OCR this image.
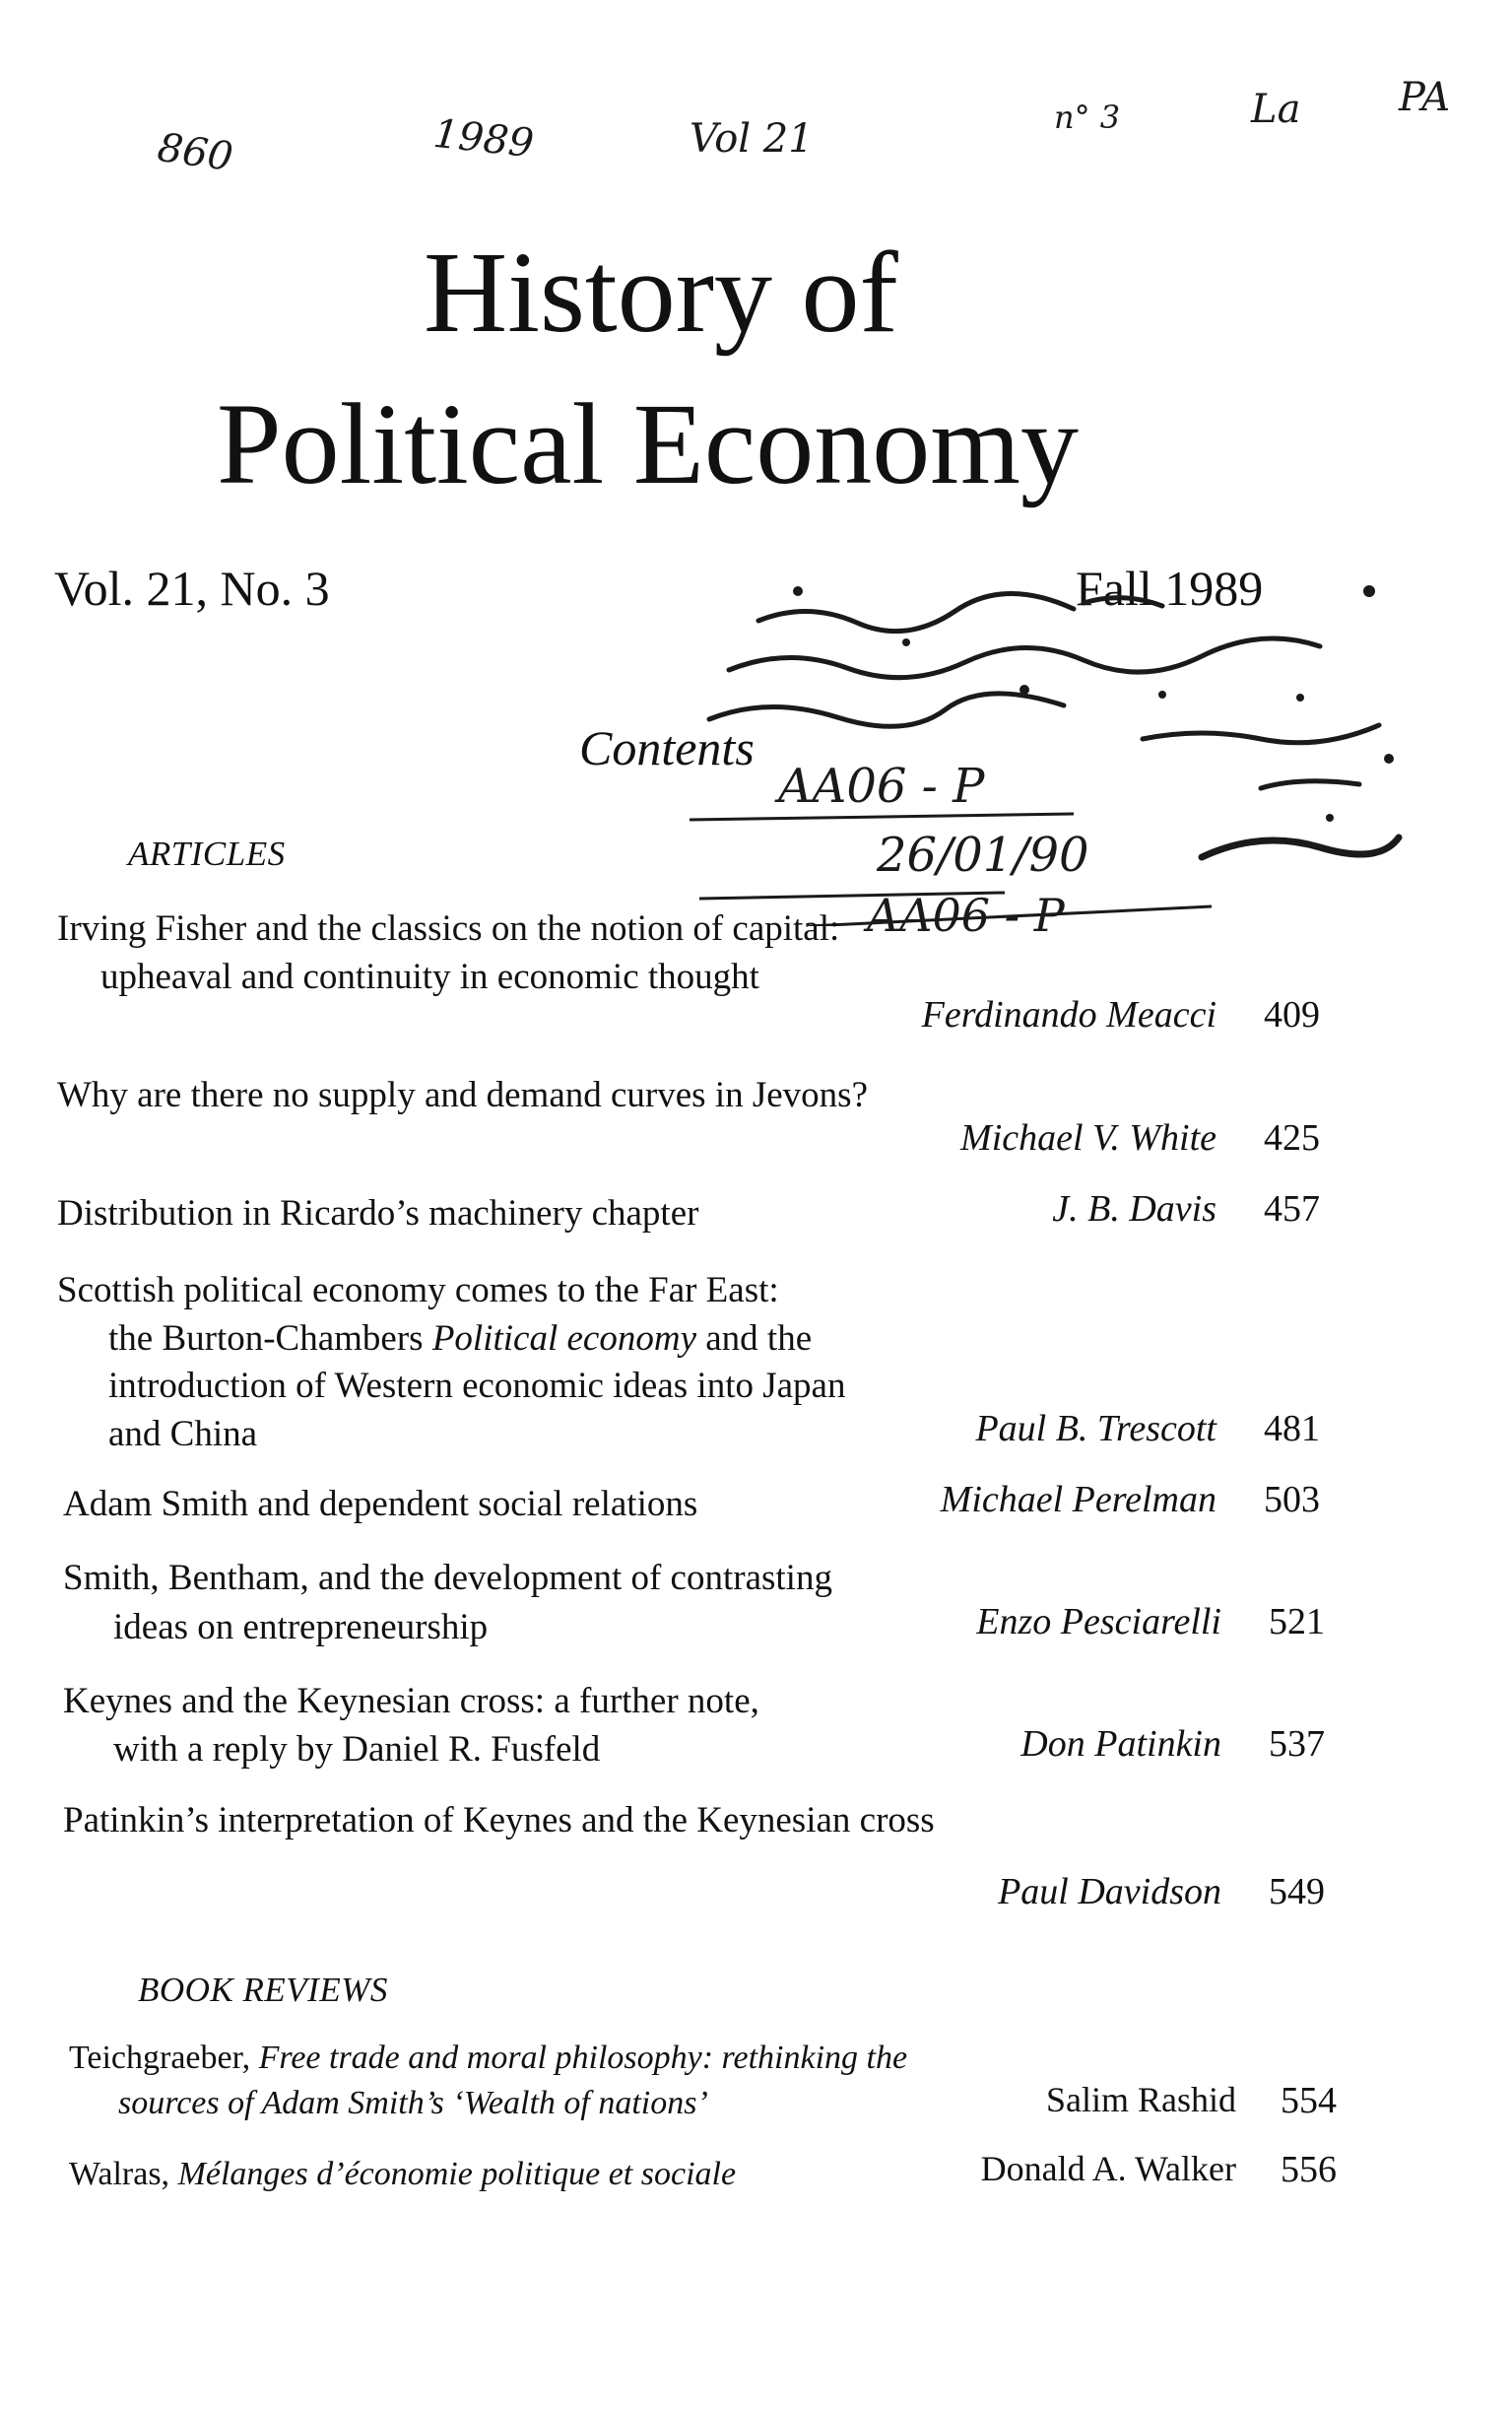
860	1989	Vol 21	n° 3	La PA
History of
Political Economy
Vol. 21, No. 3	Fall 1989
Contents
AA06 - P
26/01/90
AA06 - P
ARTICLES
Irving Fisher and the classics on the notion of capital:
upheaval and continuity in economic thought
Ferdinando Meacci	409
Why are there no supply and demand curves in Jevons?
Michael V. White	425
Distribution in Ricardo’s machinery chapter	J. B. Davis	457
Scottish political economy comes to the Far East:
the Burton-Chambers Political economy and the
introduction of Western economic ideas into Japan
and China	Paul B. Trescott	481
Adam Smith and dependent social relations	Michael Perelman	503
Smith, Bentham, and the development of contrasting
ideas on entrepreneurship	Enzo Pesciarelli	521
Keynes and the Keynesian cross: a further note,
with a reply by Daniel R. Fusfeld	Don Patinkin	537
Patinkin’s interpretation of Keynes and the Keynesian cross
Paul Davidson	549
BOOK REVIEWS
Teichgraeber, Free trade and moral philosophy: rethinking the
sources of Adam Smith’s ‘Wealth of nations’	Salim Rashid	554
Walras, Mélanges d’économie politique et sociale	Donald A. Walker	556
